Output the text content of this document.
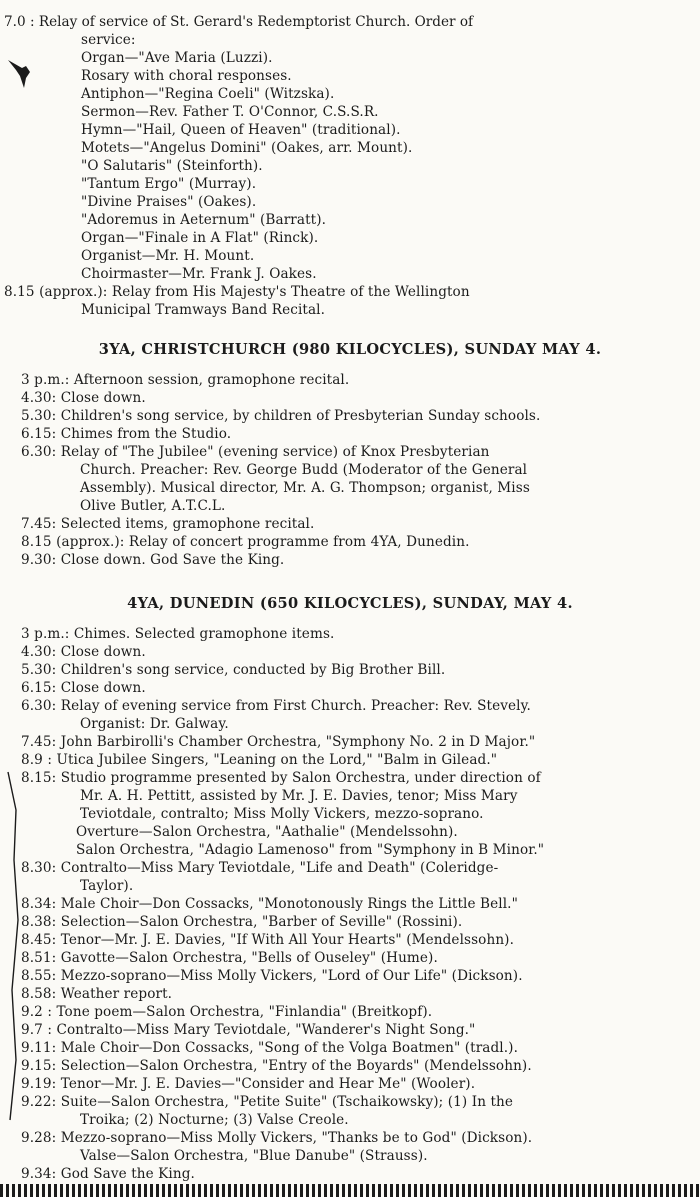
7.0 : Relay of service of St. Gerard's Redemptorist Church. Order of
service:
Organ—"Ave Maria (Luzzi).
Rosary with choral responses.
Antiphon—"Regina Coeli" (Witzska).
Sermon—Rev. Father T. O'Connor, C.S.S.R.
Hymn—"Hail, Queen of Heaven" (traditional).
Motets—"Angelus Domini" (Oakes, arr. Mount).
"O Salutaris" (Steinforth).
"Tantum Ergo" (Murray).
"Divine Praises" (Oakes).
"Adoremus in Aeternum" (Barratt).
Organ—"Finale in A Flat" (Rinck).
Organist—Mr. H. Mount.
Choirmaster—Mr. Frank J. Oakes.
8.15 (approx.): Relay from His Majesty's Theatre of the Wellington
Municipal Tramways Band Recital.
3YA, CHRISTCHURCH (980 KILOCYCLES), SUNDAY MAY 4.
3 p.m.: Afternoon session, gramophone recital.
4.30: Close down.
5.30: Children's song service, by children of Presbyterian Sunday schools.
6.15: Chimes from the Studio.
6.30: Relay of "The Jubilee" (evening service) of Knox Presbyterian
Church. Preacher: Rev. George Budd (Moderator of the General
Assembly). Musical director, Mr. A. G. Thompson; organist, Miss
Olive Butler, A.T.C.L.
7.45: Selected items, gramophone recital.
8.15 (approx.): Relay of concert programme from 4YA, Dunedin.
9.30: Close down. God Save the King.
4YA, DUNEDIN (650 KILOCYCLES), SUNDAY, MAY 4.
3 p.m.: Chimes. Selected gramophone items.
4.30: Close down.
5.30: Children's song service, conducted by Big Brother Bill.
6.15: Close down.
6.30: Relay of evening service from First Church. Preacher: Rev. Stevely.
Organist: Dr. Galway.
7.45: John Barbirolli's Chamber Orchestra, "Symphony No. 2 in D Major."
8.9 : Utica Jubilee Singers, "Leaning on the Lord," "Balm in Gilead."
8.15: Studio programme presented by Salon Orchestra, under direction of
Mr. A. H. Pettitt, assisted by Mr. J. E. Davies, tenor; Miss Mary
Teviotdale, contralto; Miss Molly Vickers, mezzo-soprano.
Overture—Salon Orchestra, "Aathalie" (Mendelssohn).
Salon Orchestra, "Adagio Lamenoso" from "Symphony in B Minor."
8.30: Contralto—Miss Mary Teviotdale, "Life and Death" (Coleridge-
Taylor).
8.34: Male Choir—Don Cossacks, "Monotonously Rings the Little Bell."
8.38: Selection—Salon Orchestra, "Barber of Seville" (Rossini).
8.45: Tenor—Mr. J. E. Davies, "If With All Your Hearts" (Mendelssohn).
8.51: Gavotte—Salon Orchestra, "Bells of Ouseley" (Hume).
8.55: Mezzo-soprano—Miss Molly Vickers, "Lord of Our Life" (Dickson).
8.58: Weather report.
9.2 : Tone poem—Salon Orchestra, "Finlandia" (Breitkopf).
9.7 : Contralto—Miss Mary Teviotdale, "Wanderer's Night Song."
9.11: Male Choir—Don Cossacks, "Song of the Volga Boatmen" (tradl.).
9.15: Selection—Salon Orchestra, "Entry of the Boyards" (Mendelssohn).
9.19: Tenor—Mr. J. E. Davies—"Consider and Hear Me" (Wooler).
9.22: Suite—Salon Orchestra, "Petite Suite" (Tschaikowsky); (1) In the
Troika; (2) Nocturne; (3) Valse Creole.
9.28: Mezzo-soprano—Miss Molly Vickers, "Thanks be to God" (Dickson).
Valse—Salon Orchestra, "Blue Danube" (Strauss).
9.34: God Save the King.
